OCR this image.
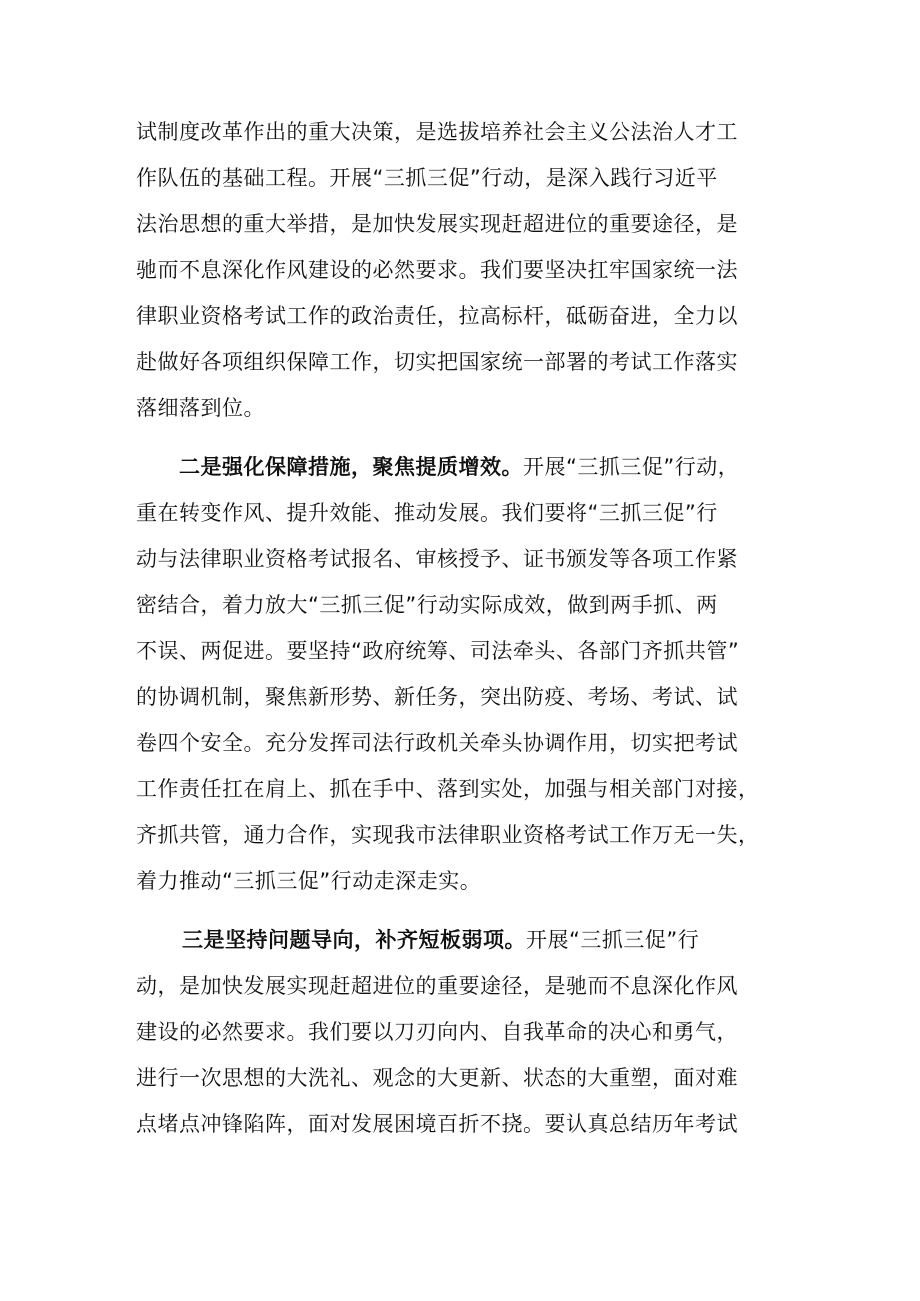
试制度改革作出的重大决策，是选拔培养社会主义公法治人才工
作队伍的基础工程。开展“三抓三促”行动，是深入践行习近平
法治思想的重大举措，是加快发展实现赶超进位的重要途径，是
驰而不息深化作风建设的必然要求。我们要坚决扛牢国家统一法
律职业资格考试工作的政治责任，拉高标杆，砥砺奋进，全力以
赴做好各项组织保障工作，切实把国家统一部署的考试工作落实
落细落到位。
二是强化保障措施，聚焦提质增效。开展“三抓三促”行动，
重在转变作风、提升效能、推动发展。我们要将“三抓三促”行
动与法律职业资格考试报名、审核授予、证书颁发等各项工作紧
密结合，着力放大“三抓三促”行动实际成效，做到两手抓、两
不误、两促进。要坚持“政府统筹、司法牵头、各部门齐抓共管”
的协调机制，聚焦新形势、新任务，突出防疫、考场、考试、试
卷四个安全。充分发挥司法行政机关牵头协调作用，切实把考试
工作责任扛在肩上、抓在手中、落到实处，加强与相关部门对接，
齐抓共管，通力合作，实现我市法律职业资格考试工作万无一失，
着力推动“三抓三促”行动走深走实。
三是坚持问题导向，补齐短板弱项。开展“三抓三促”行
动，是加快发展实现赶超进位的重要途径，是驰而不息深化作风
建设的必然要求。我们要以刀刃向内、自我革命的决心和勇气，
进行一次思想的大洗礼、观念的大更新、状态的大重塑，面对难
点堵点冲锋陷阵，面对发展困境百折不挠。要认真总结历年考试
